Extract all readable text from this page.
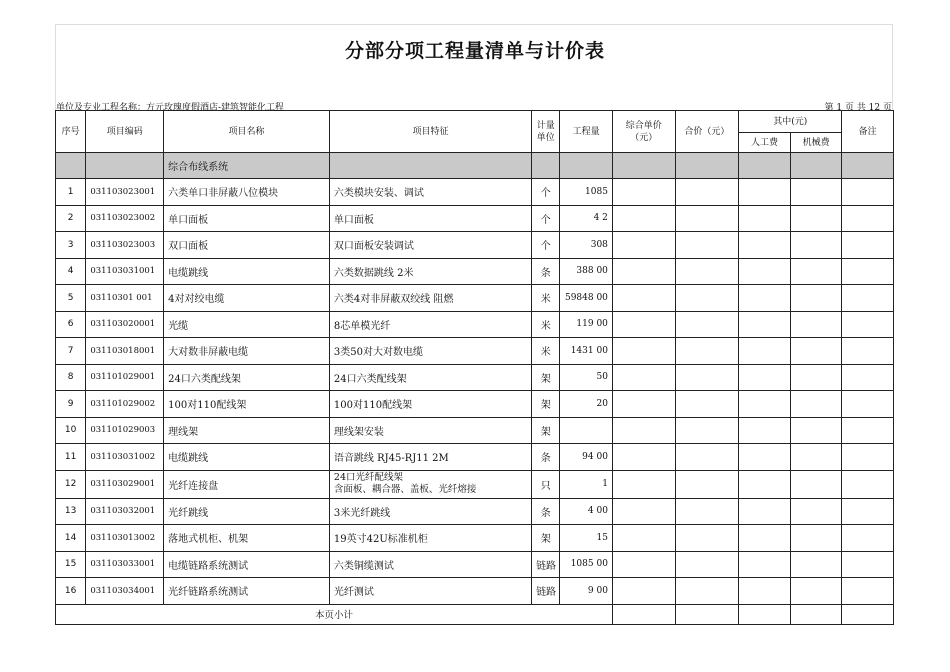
分部分项工程量清单与计价表
单位及专业工程名称：方元玫瑰度假酒店-建筑智能化工程	第 1 页 共 12 页
序号	项目编码	项目名称	项目特征	计量单位	工程量	综合单价（元）	合价（元）	其中(元)		备注
								人工费	机械费	
		综合布线系统								
1	031103023001	六类单口非屏蔽八位模块	六类模块安装、调试	个	1085					
2	031103023002	单口面板	单口面板	个	4 2					
3	031103023003	双口面板	双口面板安装调试	个	308					
4	031103031001	电缆跳线	六类数据跳线 2米	条	388 00					
5	03110301 001	4对对绞电缆	六类4对非屏蔽双绞线 阻燃	米	59848 00					
6	031103020001	光缆	8芯单模光纤	米	119 00					
7	031103018001	大对数非屏蔽电缆	3类50对大对数电缆	米	1431 00					
8	031101029001	24口六类配线架	24口六类配线架	架	50					
9	031101029002	100对110配线架	100对110配线架	架	20					
10	031101029003	理线架	理线架安装	架						
11	031103031002	电缆跳线	语音跳线 RJ45-RJ11 2M	条	94 00					
12	031103029001	光纤连接盘	24口光纤配线架
含面板、耦合器、盖板、光纤熔接	只	1					
13	031103032001	光纤跳线	3米光纤跳线	条	4 00					
14	031103013002	落地式机柜、机架	19英寸42U标准机柜	架	15					
15	031103033001	电缆链路系统测试	六类铜缆测试	链路	1085 00					
16	031103034001	光纤链路系统测试	光纤测试	链路	9 00					
本页小计										
